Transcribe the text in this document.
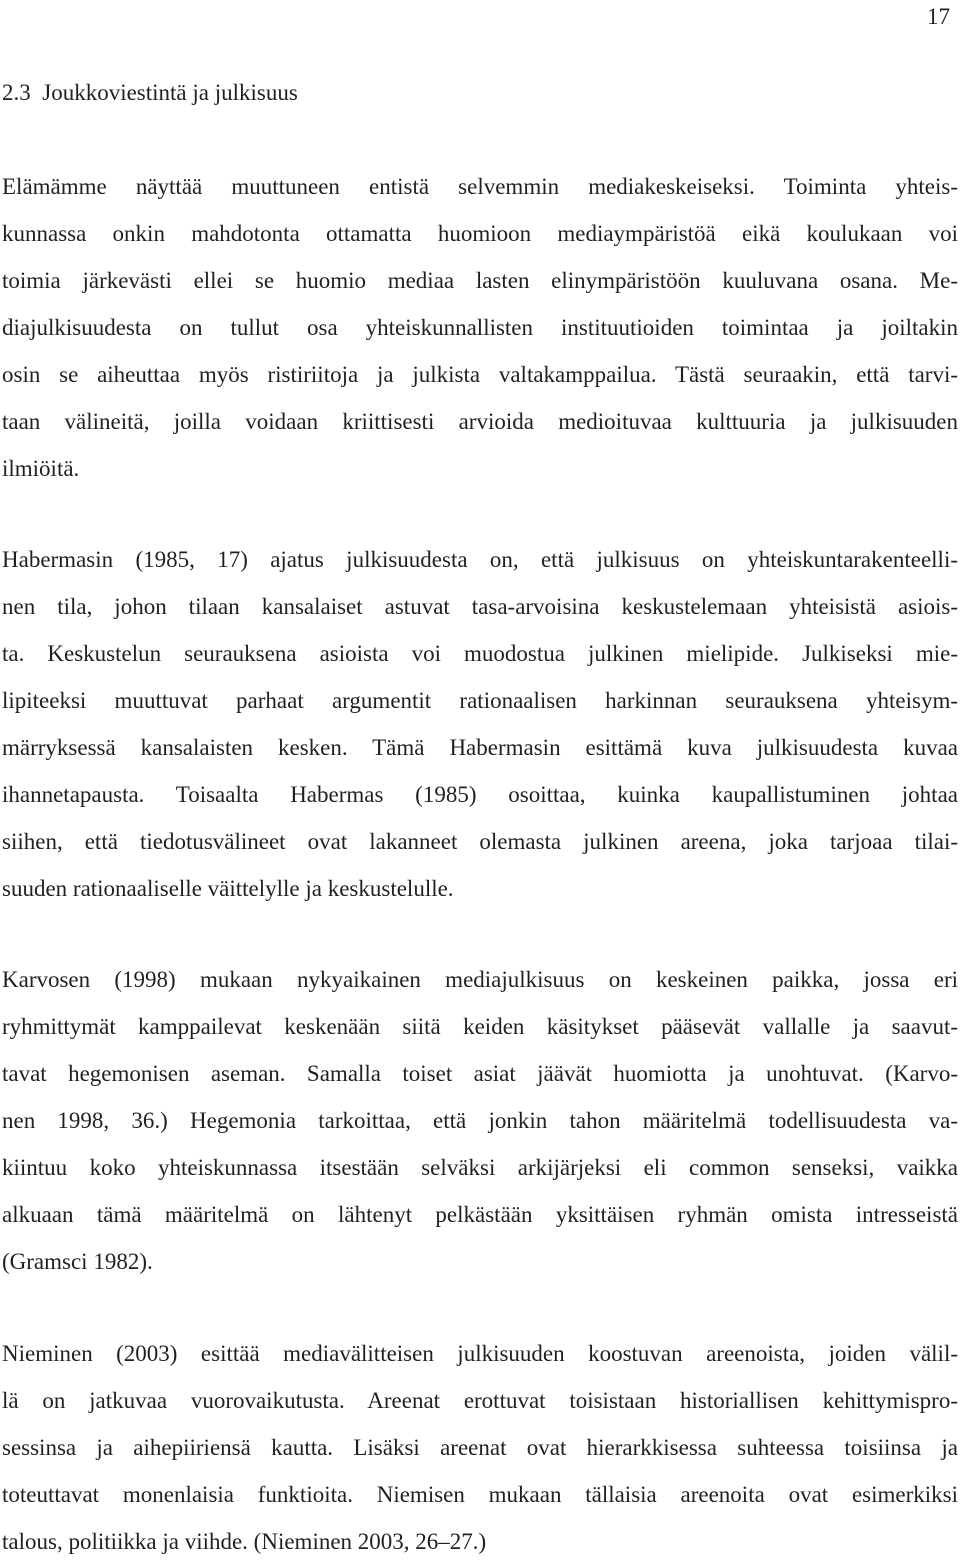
17
2.3  Joukkoviestintä ja julkisuus
Elämämme näyttää muuttuneen entistä selvemmin mediakeskeiseksi. Toiminta yhteis-
kunnassa onkin mahdotonta ottamatta huomioon mediaympäristöä eikä koulukaan voi
toimia järkevästi ellei se huomio mediaa lasten elinympäristöön kuuluvana osana. Me-
diajulkisuudesta on tullut osa yhteiskunnallisten instituutioiden toimintaa ja joiltakin
osin se aiheuttaa myös ristiriitoja ja julkista valtakamppailua. Tästä seuraakin, että tarvi-
taan välineitä, joilla voidaan kriittisesti arvioida medioituvaa kulttuuria ja julkisuuden
ilmiöitä.
Habermasin (1985, 17) ajatus julkisuudesta on, että julkisuus on yhteiskuntarakenteelli-
nen tila, johon tilaan kansalaiset astuvat tasa-arvoisina keskustelemaan yhteisistä asiois-
ta. Keskustelun seurauksena asioista voi muodostua julkinen mielipide. Julkiseksi mie-
lipiteeksi muuttuvat parhaat argumentit rationaalisen harkinnan seurauksena yhteisym-
märryksessä kansalaisten kesken. Tämä Habermasin esittämä kuva julkisuudesta kuvaa
ihannetapausta. Toisaalta Habermas (1985) osoittaa, kuinka kaupallistuminen johtaa
siihen, että tiedotusvälineet ovat lakanneet olemasta julkinen areena, joka tarjoaa tilai-
suuden rationaaliselle väittelylle ja keskustelulle.
Karvosen (1998) mukaan nykyaikainen mediajulkisuus on keskeinen paikka, jossa eri
ryhmittymät kamppailevat keskenään siitä keiden käsitykset pääsevät vallalle ja saavut-
tavat hegemonisen aseman. Samalla toiset asiat jäävät huomiotta ja unohtuvat. (Karvo-
nen 1998, 36.) Hegemonia tarkoittaa, että jonkin tahon määritelmä todellisuudesta va-
kiintuu koko yhteiskunnassa itsestään selväksi arkijärjeksi eli common senseksi, vaikka
alkuaan tämä määritelmä on lähtenyt pelkästään yksittäisen ryhmän omista intresseistä
(Gramsci 1982).
Nieminen (2003) esittää mediavälitteisen julkisuuden koostuvan areenoista, joiden välil-
lä on jatkuvaa vuorovaikutusta. Areenat erottuvat toisistaan historiallisen kehittymispro-
sessinsa ja aihepiiriensä kautta. Lisäksi areenat ovat hierarkkisessa suhteessa toisiinsa ja
toteuttavat monenlaisia funktioita. Niemisen mukaan tällaisia areenoita ovat esimerkiksi
talous, politiikka ja viihde. (Nieminen 2003, 26–27.)
